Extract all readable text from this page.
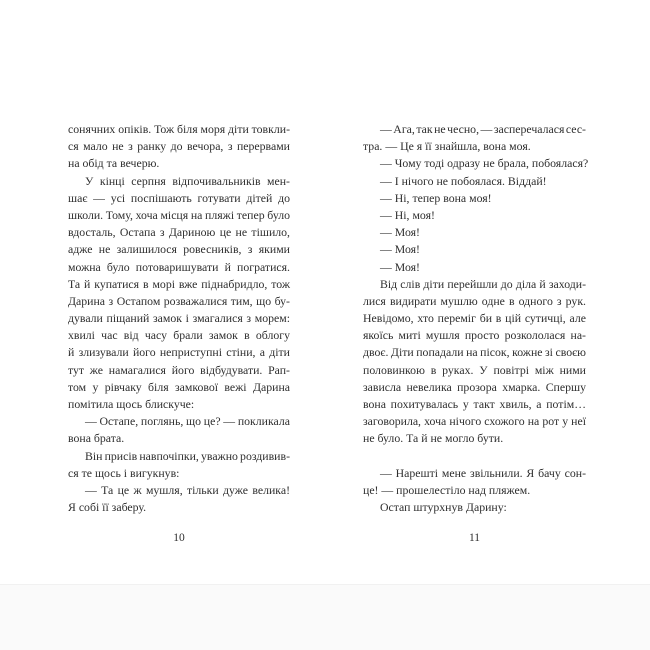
сонячних опіків. Тож біля моря діти товкли-
ся мало не з ранку до вечора, з перервами
на обід та вечерю.
У кінці серпня відпочивальників мен-
шає — усі поспішають готувати дітей до
школи. Тому, хоча місця на пляжі тепер було
вдосталь, Остапа з Дариною це не тішило,
адже не залишилося ровесників, з якими
можна було потоваришувати й погратися.
Та й купатися в морі вже піднабридло, тож
Дарина з Остапом розважалися тим, що бу-
дували піщаний замок і змагалися з морем:
хвилі час від часу брали замок в облогу
й злизували його неприступні стіни, а діти
тут же намагалися його відбудувати. Рап-
том у рівчаку біля замкової вежі Дарина
помітила щось блискуче:
— Остапе, поглянь, що це? — покликала
вона брата.
Він присів навпочіпки, уважно роздивив-
ся те щось і вигукнув:
— Та це ж мушля, тільки дуже велика!
Я собі її заберу.
10
— Ага, так не чесно, — засперечалася сес-
тра. — Це я її знайшла, вона моя.
— Чому тоді одразу не брала, побоялася?
— І нічого не побоялася. Віддай!
— Ні, тепер вона моя!
— Ні, моя!
— Моя!
— Моя!
— Моя!
Від слів діти перейшли до діла й заходи-
лися видирати мушлю одне в одного з рук.
Невідомо, хто переміг би в цій сутичці, але
якоїсь миті мушля просто розкололася на-
двоє. Діти попадали на пісок, кожне зі своєю
половинкою в руках. У повітрі між ними
зависла невелика прозора хмарка. Спершу
вона похитувалась у такт хвиль, а потім…
заговорила, хоча нічого схожого на рот у неї
не було. Та й не могло бути.
— Нарешті мене звільнили. Я бачу сон-
це! — прошелестіло над пляжем.
Остап штурхнув Дарину:
11
